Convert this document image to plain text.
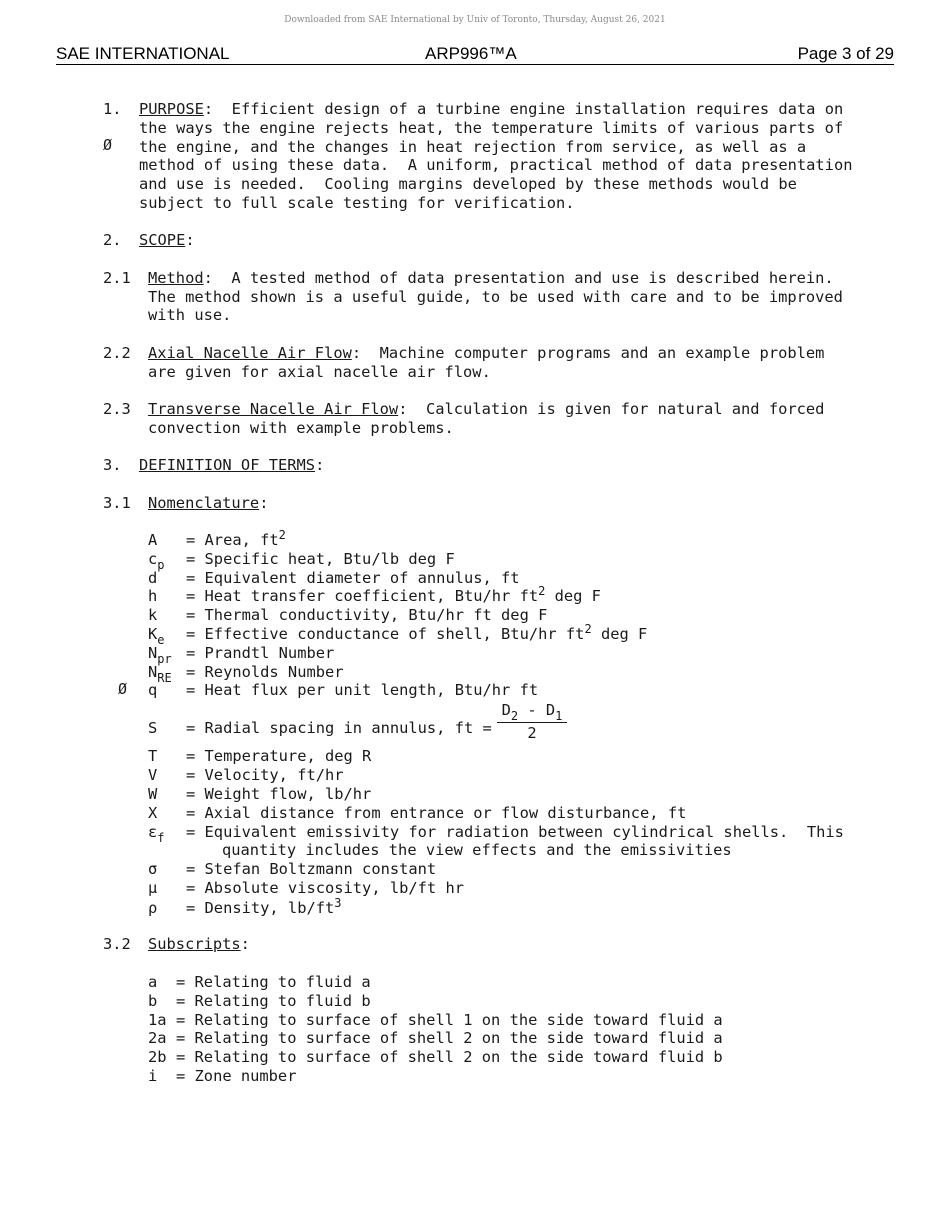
Downloaded from SAE International by Univ of Toronto, Thursday, August 26, 2021
SAE INTERNATIONAL	ARP996™A	Page 3 of 29
1. PURPOSE:  Efficient design of a turbine engine installation requires data on
the ways the engine rejects heat, the temperature limits of various parts of
Ø the engine, and the changes in heat rejection from service, as well as a
method of using these data.  A uniform, practical method of data presentation
and use is needed.  Cooling margins developed by these methods would be
subject to full scale testing for verification.
2. SCOPE:
2.1 Method:  A tested method of data presentation and use is described herein.
The method shown is a useful guide, to be used with care and to be improved
with use.
2.2 Axial Nacelle Air Flow:  Machine computer programs and an example problem
are given for axial nacelle air flow.
2.3 Transverse Nacelle Air Flow:  Calculation is given for natural and forced
convection with example problems.
3. DEFINITION OF TERMS:
3.1 Nomenclature:
A = Area, $ft^2$
$c_p$ = Specific heat, Btu/lb deg F
d = Equivalent diameter of annulus, ft
h = Heat transfer coefficient, Btu/hr $ft^2$ deg F
k = Thermal conductivity, Btu/hr ft deg F
$K_e$ = Effective conductance of shell, Btu/hr $ft^2$ deg F
$N_{pr}$ = Prandtl Number
$N_{RE}$ = Reynolds Number
Ø q = Heat flux per unit length, Btu/hr ft
S = Radial spacing in annulus, ft =
$D_2 - D_1$
2
T = Temperature, deg R
V = Velocity, ft/hr
W = Weight flow, lb/hr
X = Axial distance from entrance or flow disturbance, ft
$\varepsilon_f$ = Equivalent emissivity for radiation between cylindrical shells.  This
quantity includes the view effects and the emissivities
σ = Stefan Boltzmann constant
μ = Absolute viscosity, lb/ft hr
ρ = Density, $lb/ft^3$
3.2 Subscripts:
a = Relating to fluid a
b = Relating to fluid b
1a = Relating to surface of shell 1 on the side toward fluid a
2a = Relating to surface of shell 2 on the side toward fluid a
2b = Relating to surface of shell 2 on the side toward fluid b
i = Zone number
